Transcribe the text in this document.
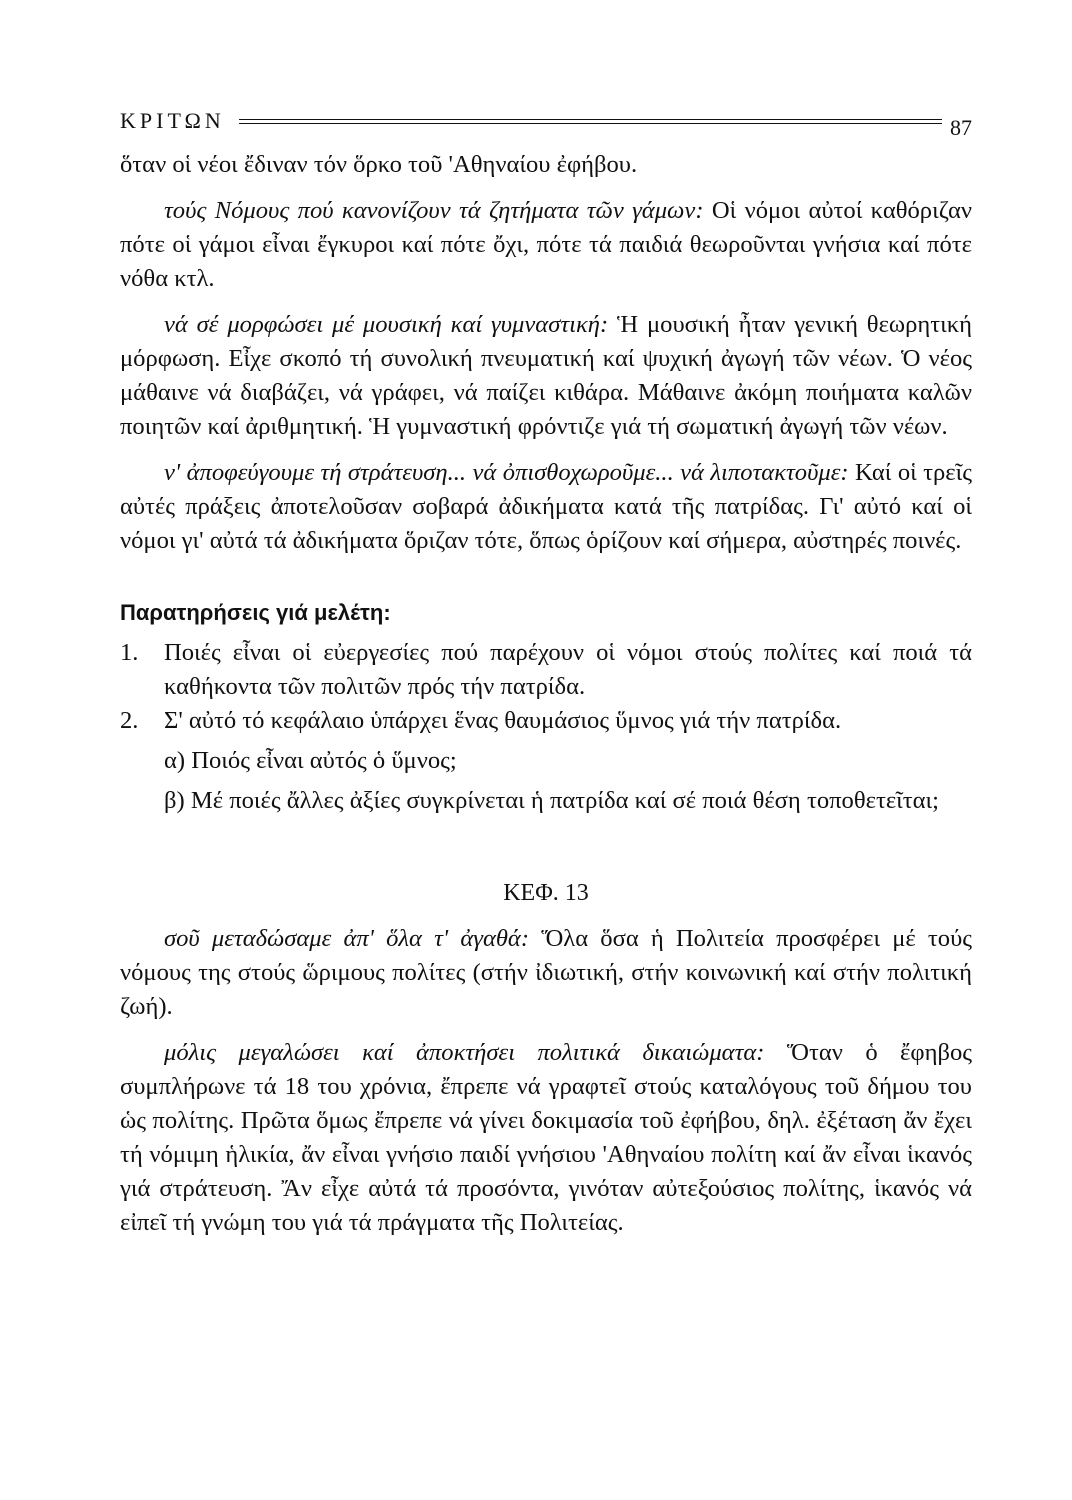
ΚΡΙΤΩΝ	87

ὅταν οἱ νέοι ἔδιναν τόν ὅρκο τοῦ 'Αθηναίου ἐφήβου.

τούς Νόμους πού κανονίζουν τά ζητήματα τῶν γάμων: Οἱ νόμοι αὐτοί καθόριζαν πότε οἱ γάμοι εἶναι ἔγκυροι καί πότε ὄχι, πότε τά παιδιά θεωροῦνται γνήσια καί πότε νόθα κτλ.

νά σέ μορφώσει μέ μουσική καί γυμναστική: Ἡ μουσική ἦταν γενική θεωρητική μόρφωση. Εἶχε σκοπό τή συνολική πνευματική καί ψυχική ἀγωγή τῶν νέων. Ὁ νέος μάθαινε νά διαβάζει, νά γράφει, νά παίζει κιθάρα. Μάθαινε ἀκόμη ποιήματα καλῶν ποιητῶν καί ἀριθμητική. Ἡ γυμναστική φρόντιζε γιά τή σωματική ἀγωγή τῶν νέων.

ν' ἀποφεύγουμε τή στράτευση... νά ὀπισθοχωροῦμε... νά λιποτακτοῦμε: Καί οἱ τρεῖς αὐτές πράξεις ἀποτελοῦσαν σοβαρά ἀδικήματα κατά τῆς πατρίδας. Γι' αὐτό καί οἱ νόμοι γι' αὐτά τά ἀδικήματα ὅριζαν τότε, ὅπως ὁρίζουν καί σήμερα, αὐστηρές ποινές.

Παρατηρήσεις γιά μελέτη:
1.	Ποιές εἶναι οἱ εὐεργεσίες πού παρέχουν οἱ νόμοι στούς πολίτες καί ποιά τά καθήκοντα τῶν πολιτῶν πρός τήν πατρίδα.
2.	Σ' αὐτό τό κεφάλαιο ὑπάρχει ἕνας θαυμάσιος ὕμνος γιά τήν πατρίδα.

α) Ποιός εἶναι αὐτός ὁ ὕμνος;

β) Μέ ποιές ἄλλες ἀξίες συγκρίνεται ἡ πατρίδα καί σέ ποιά θέση τοποθετεῖται;

ΚΕΦ. 13

σοῦ μεταδώσαμε ἀπ' ὅλα τ' ἀγαθά: Ὅλα ὅσα ἡ Πολιτεία προσφέρει μέ τούς νόμους της στούς ὥριμους πολίτες (στήν ἰδιωτική, στήν κοινωνική καί στήν πολιτική ζωή).

μόλις μεγαλώσει καί ἀποκτήσει πολιτικά δικαιώματα: Ὅταν ὁ ἔφηβος συμπλήρωνε τά 18 του χρόνια, ἔπρεπε νά γραφτεῖ στούς καταλόγους τοῦ δήμου του ὡς πολίτης. Πρῶτα ὅμως ἔπρεπε νά γίνει δοκιμασία τοῦ ἐφήβου, δηλ. ἐξέταση ἄν ἔχει τή νόμιμη ἡλικία, ἄν εἶναι γνήσιο παιδί γνήσιου 'Αθηναίου πολίτη καί ἄν εἶναι ἱκανός γιά στράτευση. Ἄν εἶχε αὐτά τά προσόντα, γινόταν αὐτεξούσιος πολίτης, ἱκανός νά εἰπεῖ τή γνώμη του γιά τά πράγματα τῆς Πολιτείας.
